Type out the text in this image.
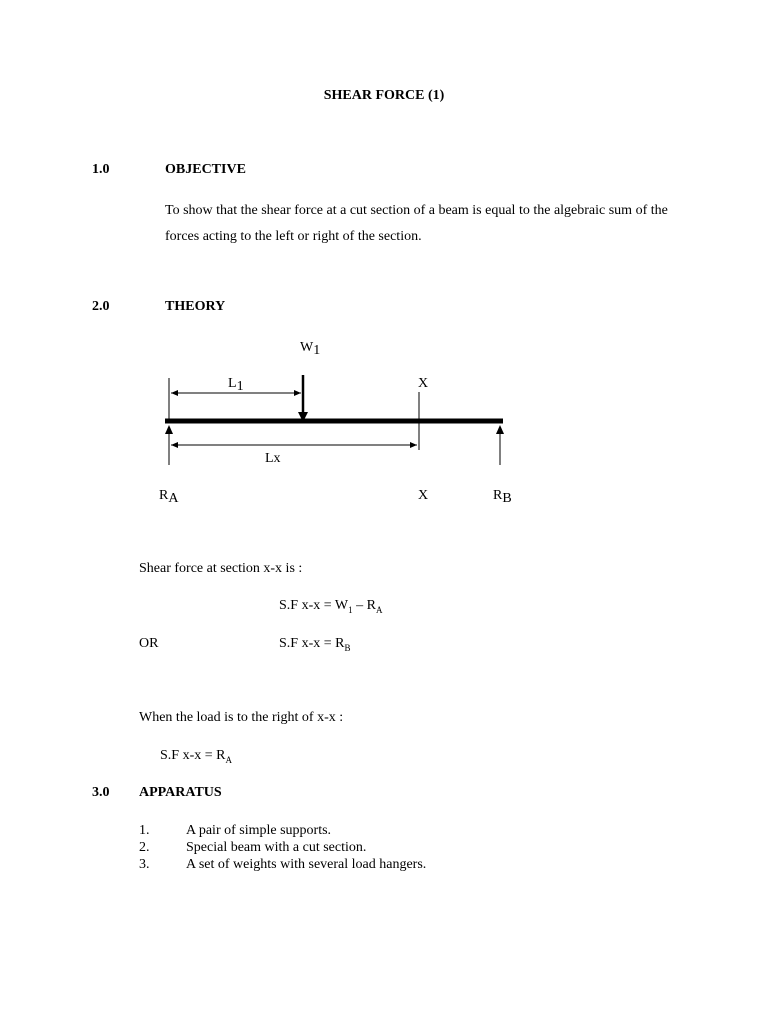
SHEAR FORCE (1)
1.0	OBJECTIVE
To show that the shear force at a cut section of a beam is equal to the algebraic sum of the forces acting to the left or right of the section.
2.0	THEORY
W1
L1	X
Lx
RA	X	RB
Shear force at section x-x is :
S.F $x-x = W_1 - R_A$
OR	S.F $x-x = R_B$
When the load is to the right of x-x :
S.F $x-x = R_A$
3.0 APPARATUS
1.	A pair of simple supports.
2.	Special beam with a cut section.
3.	A set of weights with several load hangers.
